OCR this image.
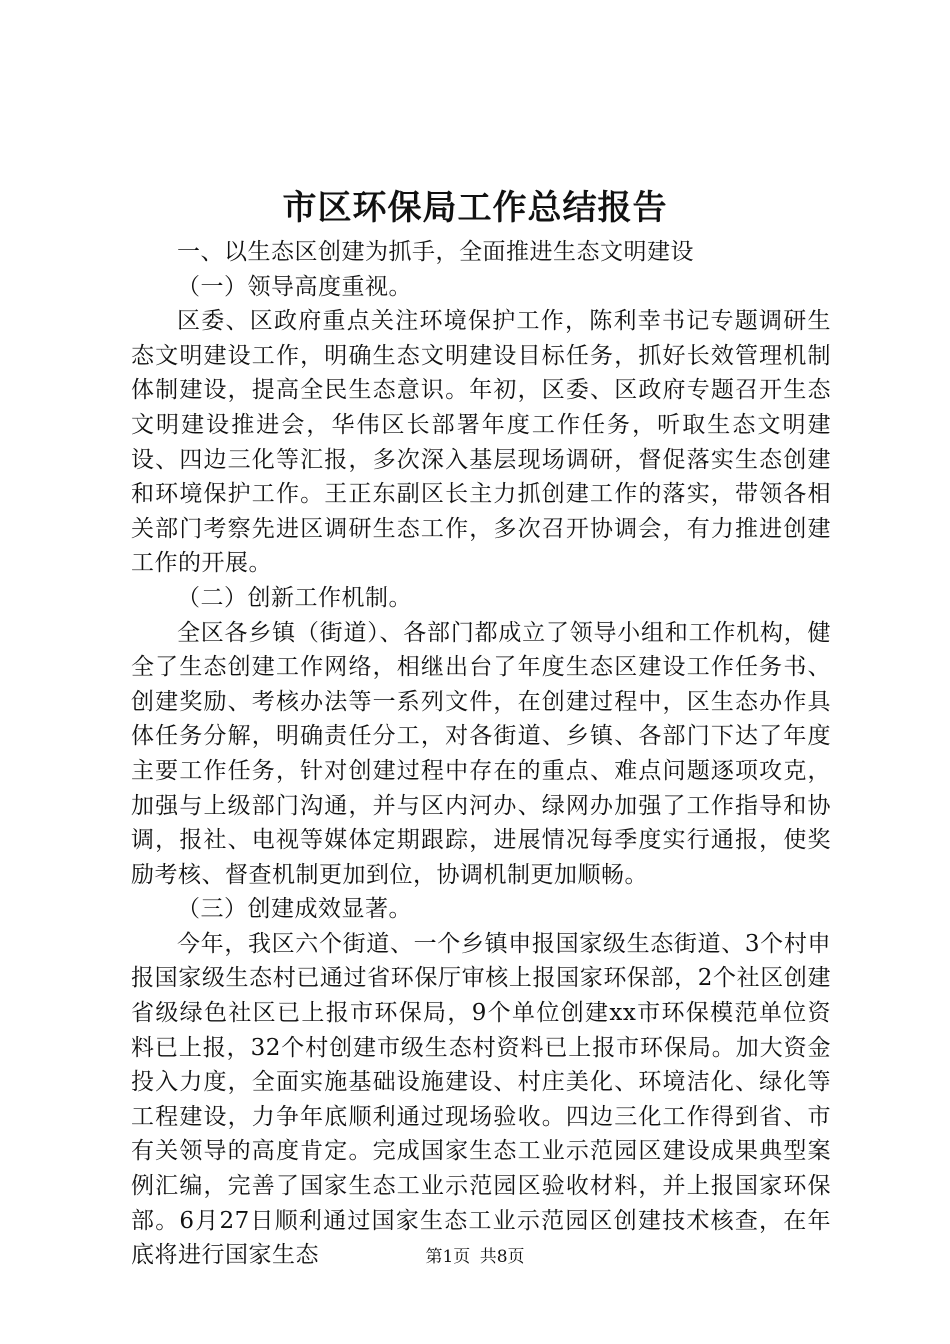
市区环保局工作总结报告

一、以生态区创建为抓手，全面推进生态文明建设

（一）领导高度重视。

区委、区政府重点关注环境保护工作，陈利幸书记专题调研生态文明建设工作，明确生态文明建设目标任务，抓好长效管理机制体制建设，提高全民生态意识。年初，区委、区政府专题召开生态文明建设推进会，华伟区长部署年度工作任务，听取生态文明建设、四边三化等汇报，多次深入基层现场调研，督促落实生态创建和环境保护工作。王正东副区长主力抓创建工作的落实，带领各相关部门考察先进区调研生态工作，多次召开协调会，有力推进创建工作的开展。

（二）创新工作机制。

全区各乡镇（街道）、各部门都成立了领导小组和工作机构，健全了生态创建工作网络，相继出台了年度生态区建设工作任务书、创建奖励、考核办法等一系列文件，在创建过程中，区生态办作具体任务分解，明确责任分工，对各街道、乡镇、各部门下达了年度主要工作任务，针对创建过程中存在的重点、难点问题逐项攻克，加强与上级部门沟通，并与区内河办、绿网办加强了工作指导和协调，报社、电视等媒体定期跟踪，进展情况每季度实行通报，使奖励考核、督查机制更加到位，协调机制更加顺畅。

（三）创建成效显著。

今年，我区六个街道、一个乡镇申报国家级生态街道、3个村申报国家级生态村已通过省环保厅审核上报国家环保部，2个社区创建省级绿色社区已上报市环保局，9个单位创建xx市环保模范单位资料已上报，32个村创建市级生态村资料已上报市环保局。加大资金投入力度，全面实施基础设施建设、村庄美化、环境洁化、绿化等工程建设，力争年底顺利通过现场验收。四边三化工作得到省、市有关领导的高度肯定。完成国家生态工业示范园区建设成果典型案例汇编，完善了国家生态工业示范园区验收材料，并上报国家环保部。6月27日顺利通过国家生态工业示范园区创建技术核查，在年底将进行国家生态	第1页 共8页
